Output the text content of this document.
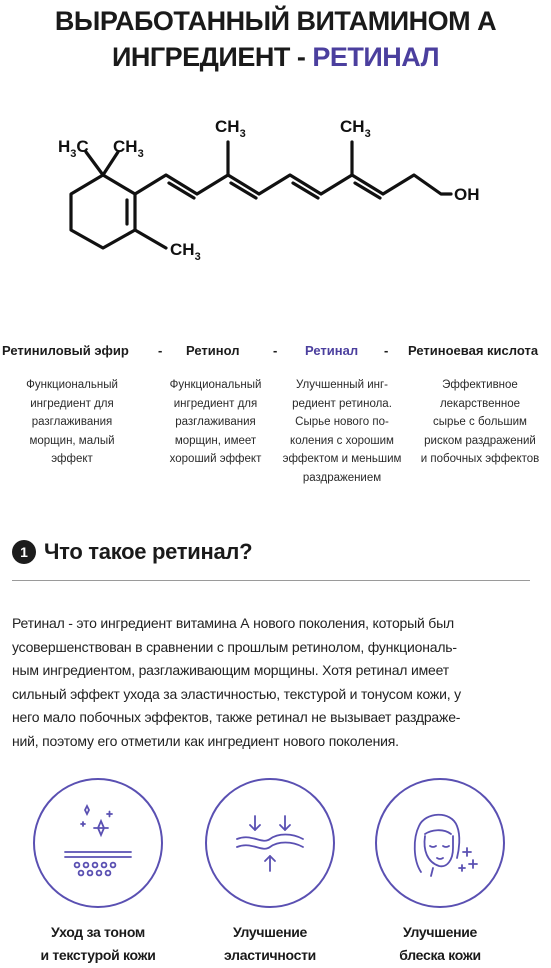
ВЫРАБОТАННЫЙ ВИТАМИНОМ А
ИНГРЕДИЕНТ - РЕТИНАЛ
$H_3C$ $CH_3$
$CH_3$	$CH_3$
$CH_3$
OH
Ретиниловый эфир - Ретинол	- Ретинал - Ретиноевая кислота
Функциональный
ингредиент для
разглаживания
морщин, малый
эффект
Функциональный
ингредиент для
разглаживания
морщин, имеет
хороший эффект
Улучшенный инг-
редиент ретинола.
Сырье нового по-
коления с хорошим
эффектом и меньшим
раздражением
Эффективное
лекарственное
сырье с большим
риском раздражений
и побочных эффектов
1 Что такое ретинал?
Ретинал - это ингредиент витамина А нового поколения, который был
усовершенствован в сравнении с прошлым ретинолом, функциональ-
ным ингредиентом, разглаживающим морщины. Хотя ретинал имеет
сильный эффект ухода за эластичностью, текстурой и тонусом кожи, у
него мало побочных эффектов, также ретинал не вызывает раздраже-
ний, поэтому его отметили как ингредиент нового поколения.
Уход за тоном
и текстурой кожи
Улучшение
эластичности
Улучшение
блеска кожи
